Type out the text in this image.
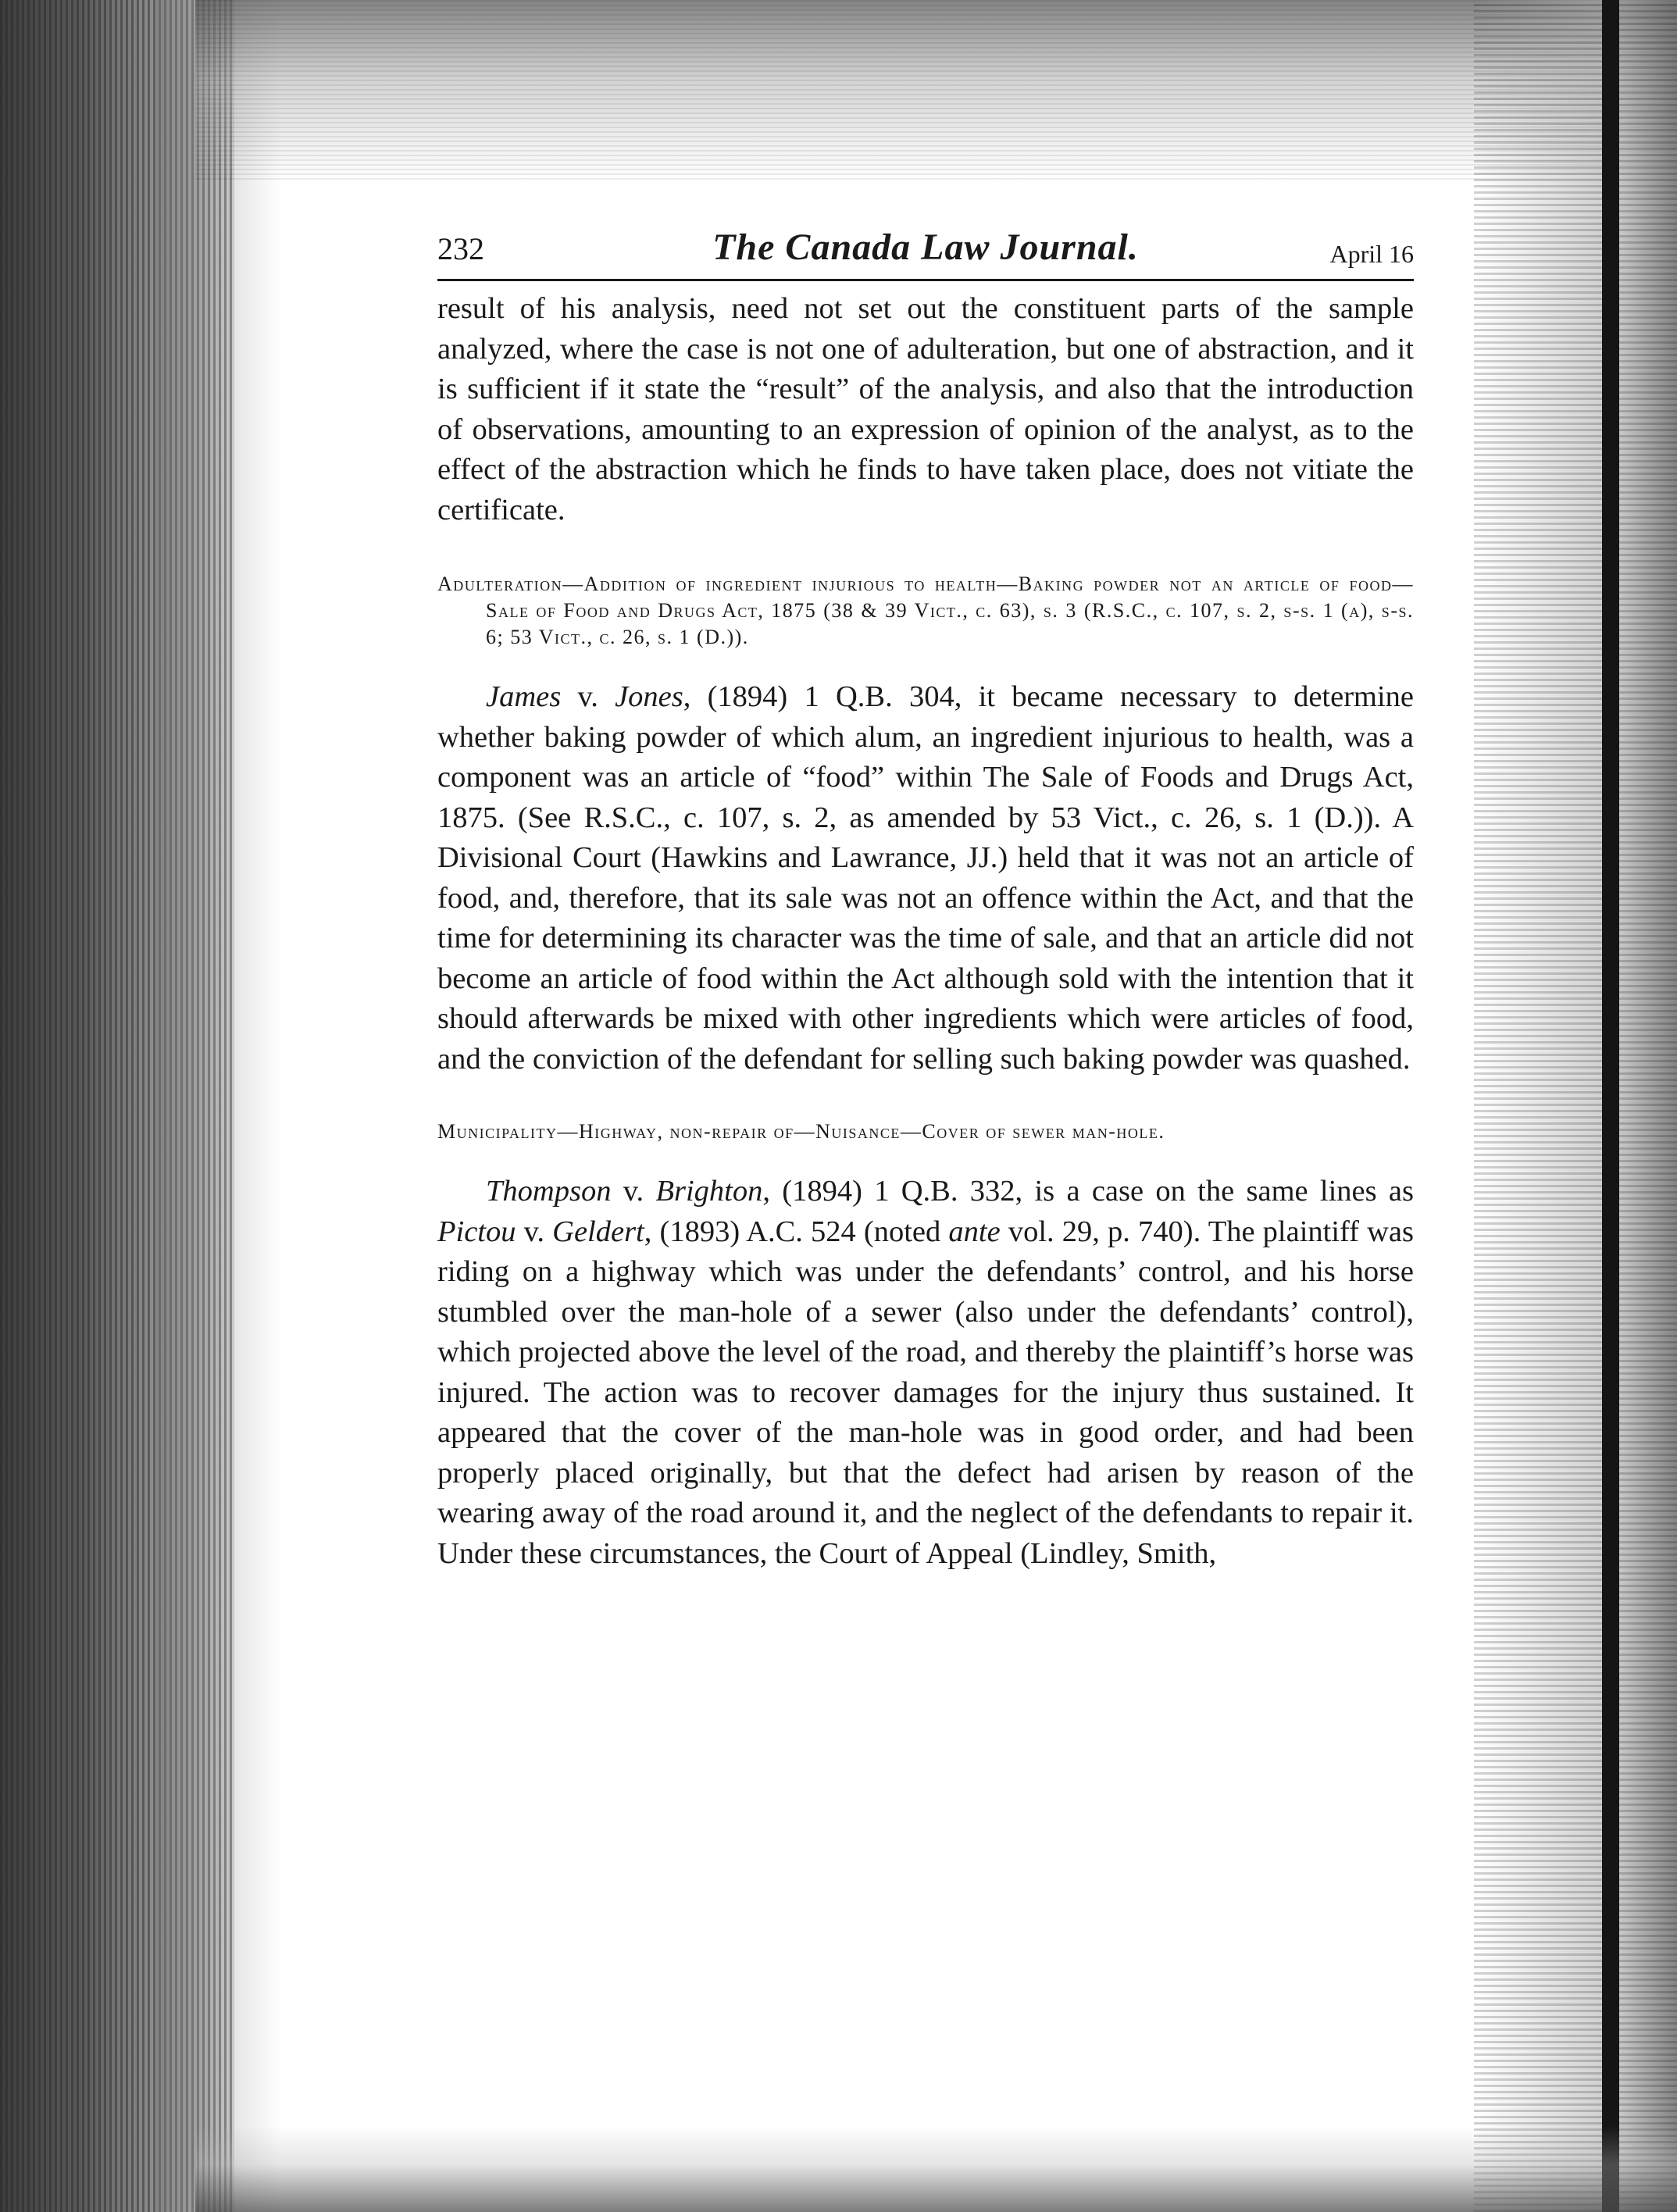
232	The Canada Law Journal.	April 16

result of his analysis, need not set out the constituent parts of the sample analyzed, where the case is not one of adulteration, but one of abstraction, and it is sufficient if it state the “result” of the analysis, and also that the introduction of observations, amounting to an expression of opinion of the analyst, as to the effect of the abstraction which he finds to have taken place, does not vitiate the certificate.

Adulteration—Addition of ingredient injurious to health—Baking powder not an article of food—Sale of Food and Drugs Act, 1875 (38 & 39 Vict., c. 63), s. 3 (R.S.C., c. 107, s. 2, s-s. 1 (a), s-s. 6; 53 Vict., c. 26, s. 1 (D.)).

James v. Jones, (1894) 1 Q.B. 304, it became necessary to determine whether baking powder of which alum, an ingredient injurious to health, was a component was an article of “food” within The Sale of Foods and Drugs Act, 1875. (See R.S.C., c. 107, s. 2, as amended by 53 Vict., c. 26, s. 1 (D.)). A Divisional Court (Hawkins and Lawrance, JJ.) held that it was not an article of food, and, therefore, that its sale was not an offence within the Act, and that the time for determining its character was the time of sale, and that an article did not become an article of food within the Act although sold with the intention that it should afterwards be mixed with other ingredients which were articles of food, and the conviction of the defendant for selling such baking powder was quashed.

Municipality—Highway, non-repair of—Nuisance—Cover of sewer man-hole.

Thompson v. Brighton, (1894) 1 Q.B. 332, is a case on the same lines as Pictou v. Geldert, (1893) A.C. 524 (noted ante vol. 29, p. 740). The plaintiff was riding on a highway which was under the defendants’ control, and his horse stumbled over the man-hole of a sewer (also under the defendants’ control), which projected above the level of the road, and thereby the plaintiff’s horse was injured. The action was to recover damages for the injury thus sustained. It appeared that the cover of the man-hole was in good order, and had been properly placed originally, but that the defect had arisen by reason of the wearing away of the road around it, and the neglect of the defendants to repair it. Under these circumstances, the Court of Appeal (Lindley, Smith,
